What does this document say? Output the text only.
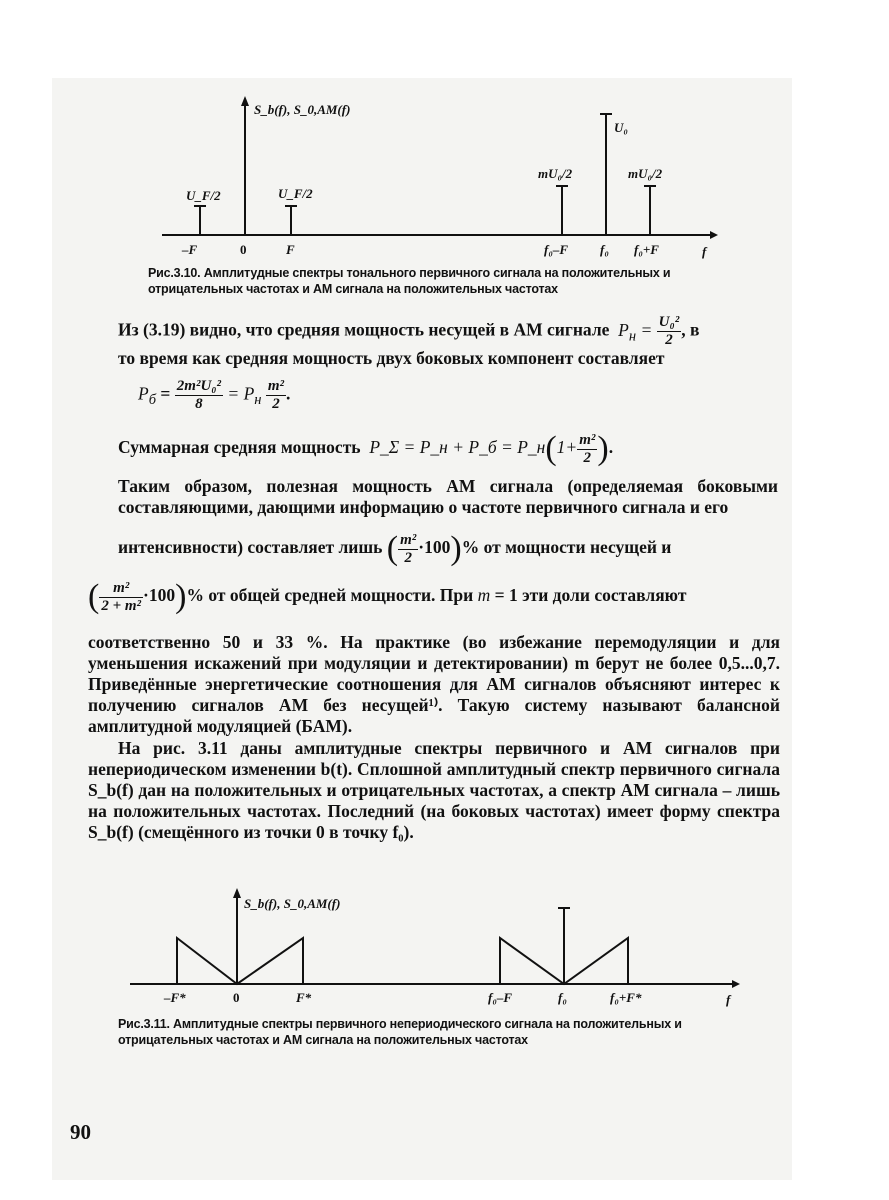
S_b(f), S_0,AM(f)
U_F/2	U_F/2
mU₀/2
U₀
mU₀/2
–F	0	F	f₀–F f₀ f₀+F	f
Рис.3.10. Амплитудные спектры тонального первичного сигнала на положительных и отрицательных частотах и АМ сигнала на положительных частотах
Из (3.19) видно, что средняя мощность несущей в АМ сигнале $P_н = \frac{\text{U₀²}}{2}$ , в
то время как средняя мощность двух боковых компонент составляет
$P_б = \frac{\text{2m²U₀²}}{8} = P_н \frac{\text{m²}}{2}$ .
Суммарная средняя мощность P_Σ = P_н + P_б = P_н(1+ $\frac{\text{m²}}{2}$ ).
Таким образом, полезная мощность АМ сигнала (определяемая боковыми составляющими, дающими информацию о частоте первичного сигнала и его
интенсивности) составляет лишь ( $\frac{\text{m²}}{2} \cdot 100)\%$ от мощности несущей и
( $\frac{\text{m²}}{\text{2 + m²}} \cdot 100)\%$ от общей средней мощности. При m = 1 эти доли составляют
соответственно 50 и 33 %. На практике (во избежание перемодуляции и для уменьшения искажений при модуляции и детектировании) m берут не более 0,5...0,7. Приведённые энергетические соотношения для АМ сигналов объясняют интерес к получению сигналов АМ без несущей¹⁾. Такую систему называют балансной амплитудной модуляцией (БАМ).
На рис. 3.11 даны амплитудные спектры первичного и АМ сигналов при непериодическом изменении b(t). Сплошной амплитудный спектр первичного сигнала S_b(f) дан на положительных и отрицательных частотах, а спектр АМ сигнала – лишь на положительных частотах. Последний (на боковых частотах) имеет форму спектра S_b(f) (смещённого из точки 0 в точку f₀).
S_b(f), S_0,AM(f)
–F*	0	F*	f₀–F	f₀	f₀+F*	f
Рис.3.11. Амплитудные спектры первичного непериодического сигнала на положительных и отрицательных частотах и АМ сигнала на положительных частотах
90
